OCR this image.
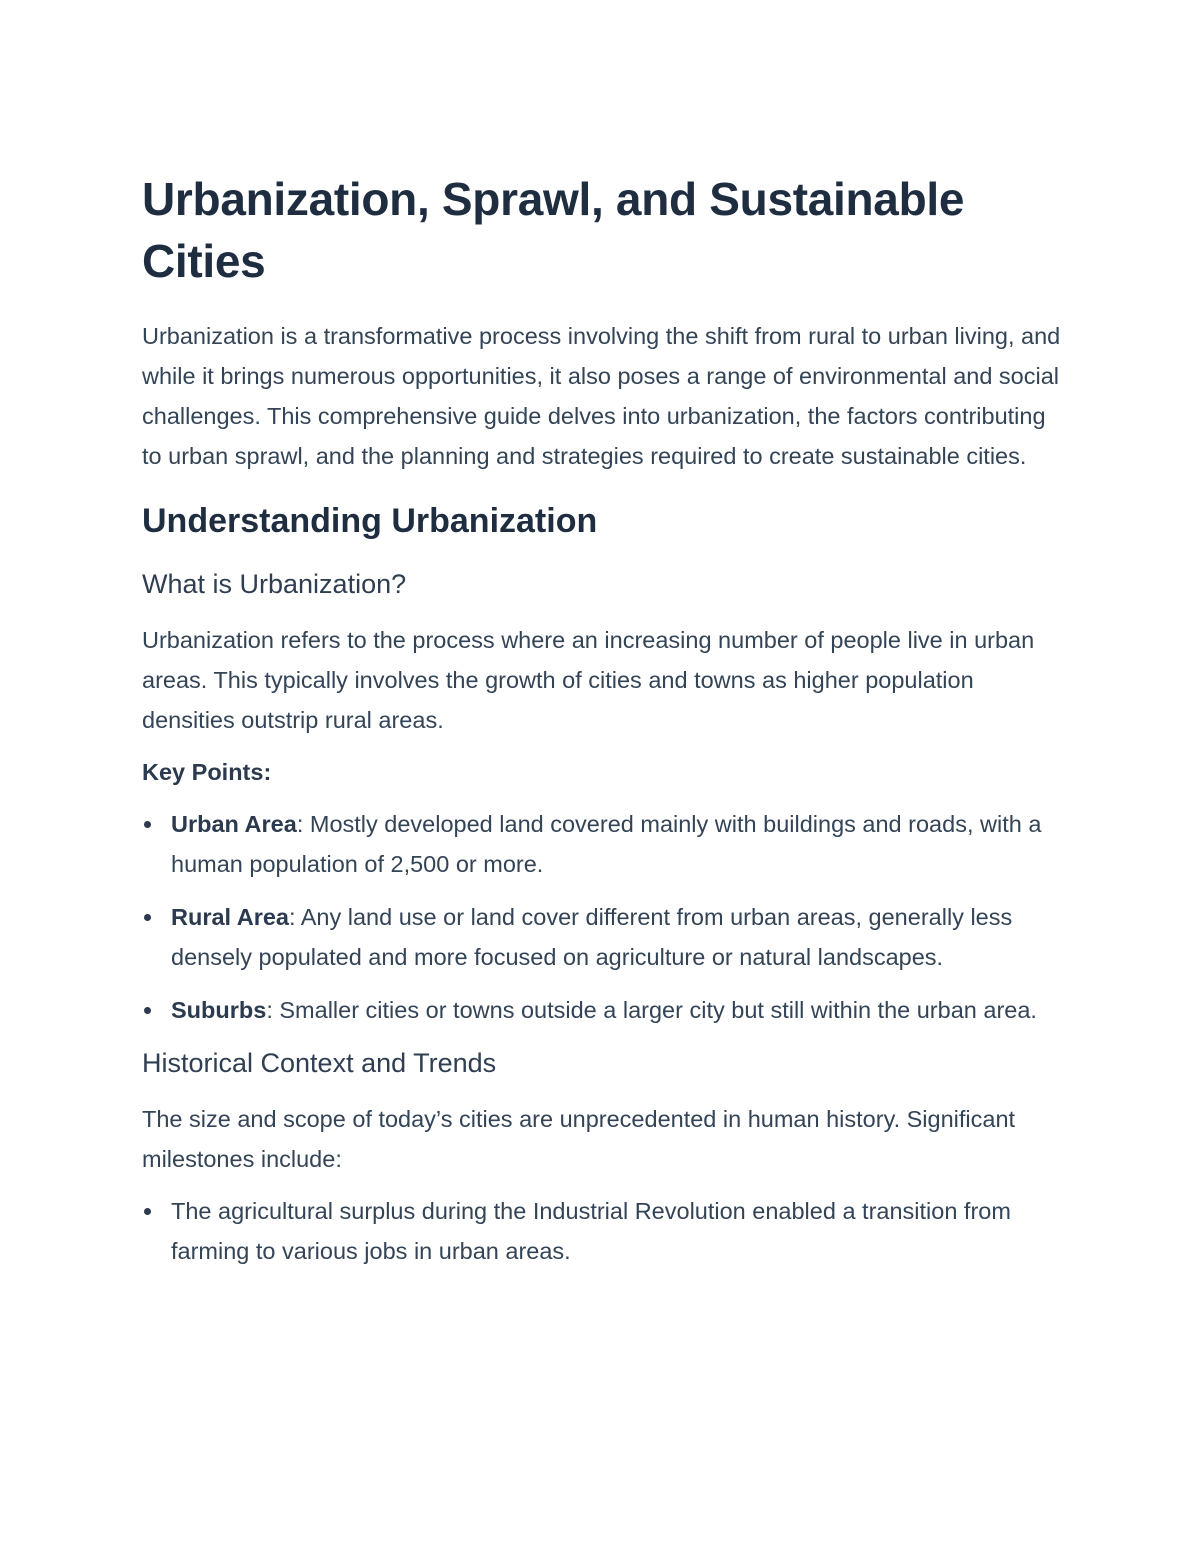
Urbanization, Sprawl, and Sustainable Cities

Urbanization is a transformative process involving the shift from rural to urban living, and while it brings numerous opportunities, it also poses a range of environmental and social challenges. This comprehensive guide delves into urbanization, the factors contributing to urban sprawl, and the planning and strategies required to create sustainable cities.

Understanding Urbanization
What is Urbanization?

Urbanization refers to the process where an increasing number of people live in urban areas. This typically involves the growth of cities and towns as higher population densities outstrip rural areas.

Key Points:

Urban Area: Mostly developed land covered mainly with buildings and roads, with a human population of 2,500 or more.
Rural Area: Any land use or land cover different from urban areas, generally less densely populated and more focused on agriculture or natural landscapes.
Suburbs: Smaller cities or towns outside a larger city but still within the urban area.
Historical Context and Trends

The size and scope of today’s cities are unprecedented in human history. Significant milestones include:

The agricultural surplus during the Industrial Revolution enabled a transition from farming to various jobs in urban areas.
